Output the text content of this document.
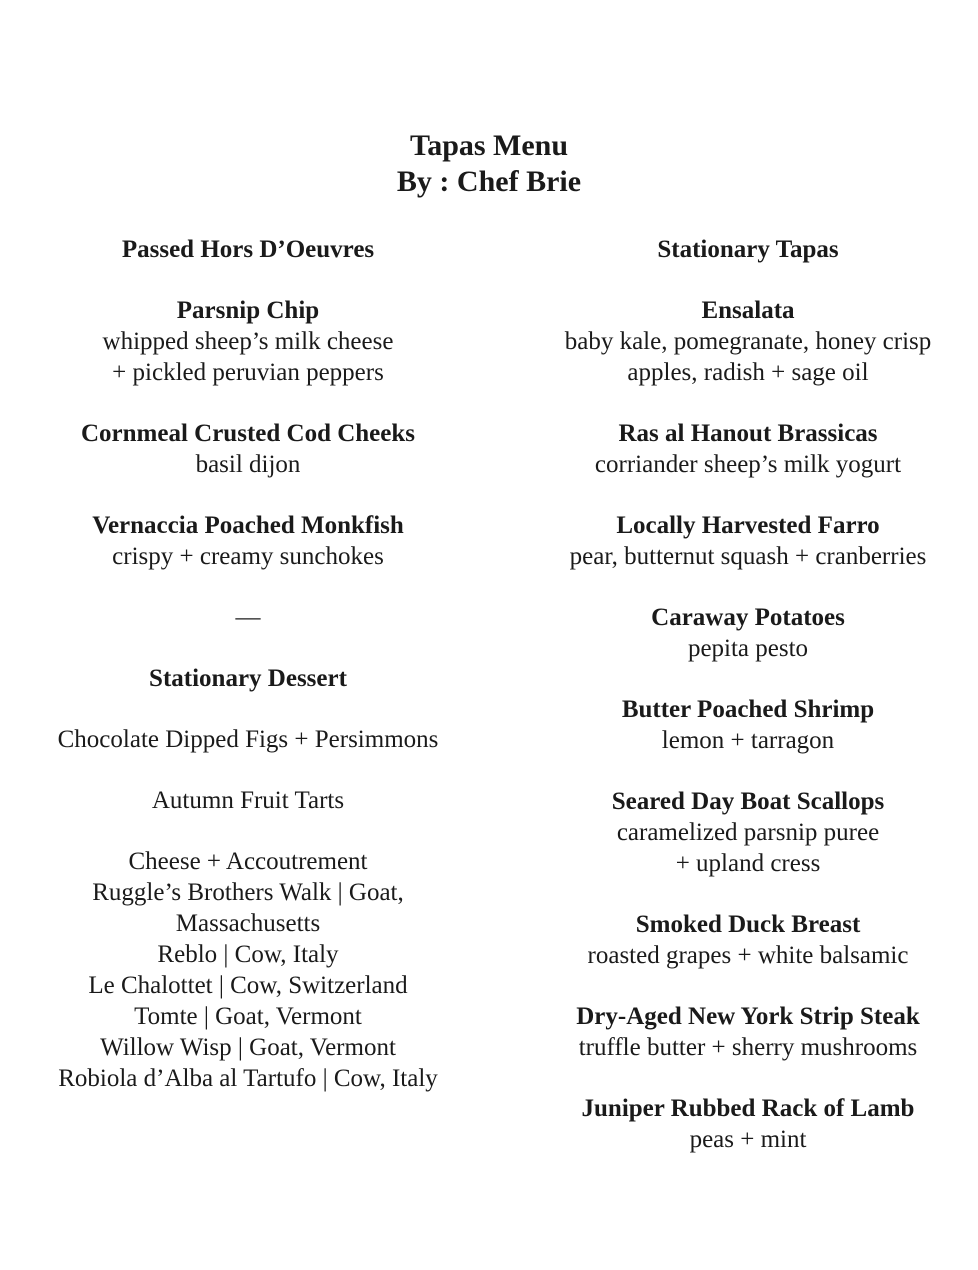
Tapas Menu
By : Chef Brie
Passed Hors D’Oeuvres
Parsnip Chip
whipped sheep’s milk cheese
+ pickled peruvian peppers
Cornmeal Crusted Cod Cheeks
basil dijon
Vernaccia Poached Monkfish
crispy + creamy sunchokes
—
Stationary Dessert
Chocolate Dipped Figs + Persimmons
Autumn Fruit Tarts
Cheese + Accoutrement
Ruggle’s Brothers Walk | Goat,
Massachusetts
Reblo | Cow, Italy
Le Chalottet | Cow, Switzerland
Tomte | Goat, Vermont
Willow Wisp | Goat, Vermont
Robiola d’Alba al Tartufo | Cow, Italy
Stationary Tapas
Ensalata
baby kale, pomegranate, honey crisp
apples, radish + sage oil
Ras al Hanout Brassicas
corriander sheep’s milk yogurt
Locally Harvested Farro
pear, butternut squash + cranberries
Caraway Potatoes
pepita pesto
Butter Poached Shrimp
lemon + tarragon
Seared Day Boat Scallops
caramelized parsnip puree
+ upland cress
Smoked Duck Breast
roasted grapes + white balsamic
Dry-Aged New York Strip Steak
truffle butter + sherry mushrooms
Juniper Rubbed Rack of Lamb
peas + mint
